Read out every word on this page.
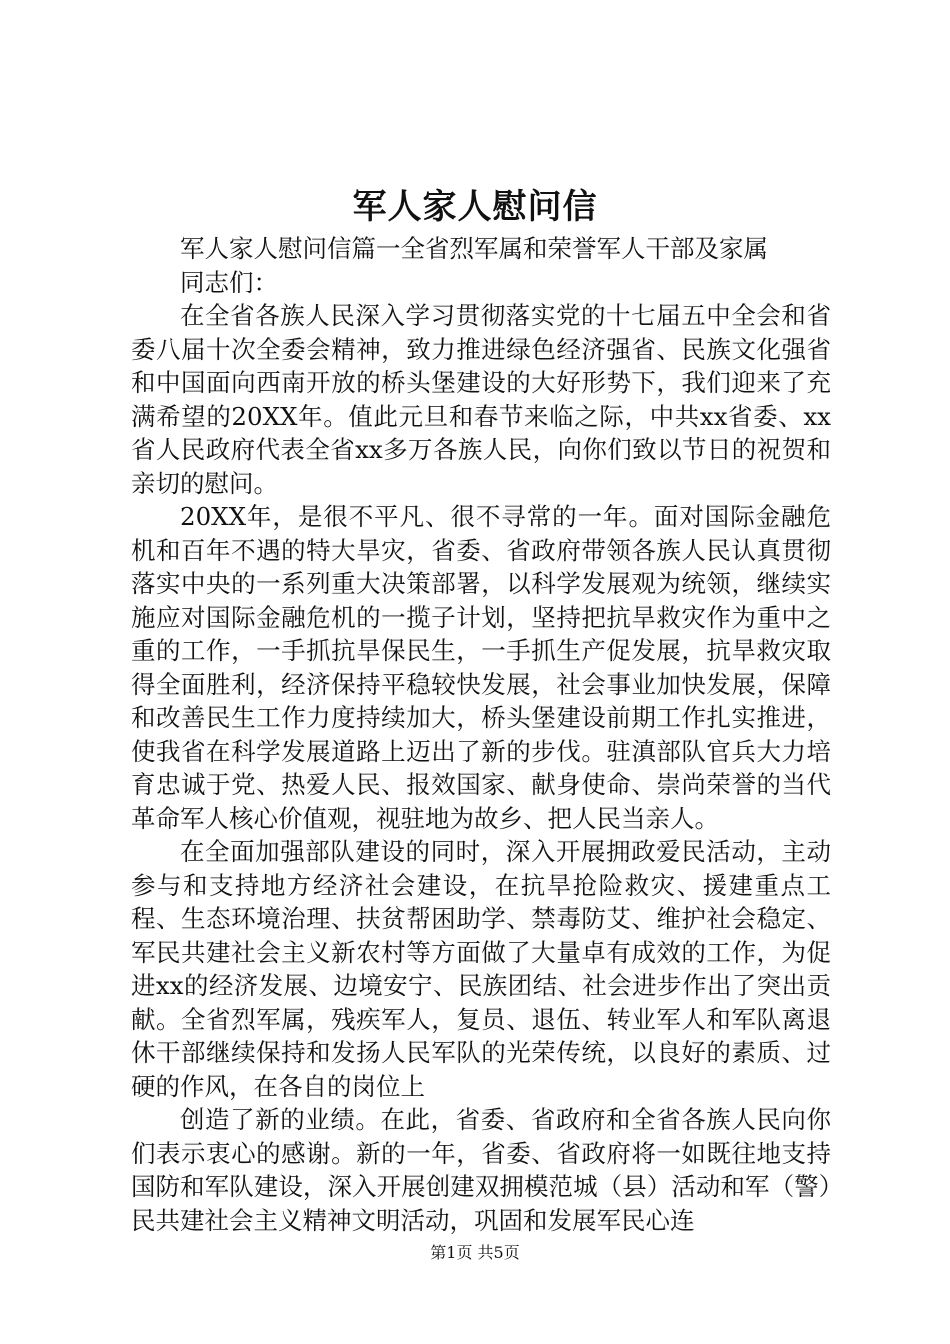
军人家人慰问信

军人家人慰问信篇一全省烈军属和荣誉军人干部及家属

同志们：

在全省各族人民深入学习贯彻落实党的十七届五中全会和省委八届十次全委会精神，致力推进绿色经济强省、民族文化强省和中国面向西南开放的桥头堡建设的大好形势下，我们迎来了充满希望的20XX年。值此元旦和春节来临之际，中共xx省委、xx省人民政府代表全省xx多万各族人民，向你们致以节日的祝贺和亲切的慰问。

20XX年，是很不平凡、很不寻常的一年。面对国际金融危机和百年不遇的特大旱灾，省委、省政府带领各族人民认真贯彻落实中央的一系列重大决策部署，以科学发展观为统领，继续实施应对国际金融危机的一揽子计划，坚持把抗旱救灾作为重中之重的工作，一手抓抗旱保民生，一手抓生产促发展，抗旱救灾取得全面胜利，经济保持平稳较快发展，社会事业加快发展，保障和改善民生工作力度持续加大，桥头堡建设前期工作扎实推进，使我省在科学发展道路上迈出了新的步伐。驻滇部队官兵大力培育忠诚于党、热爱人民、报效国家、献身使命、崇尚荣誉的当代革命军人核心价值观，视驻地为故乡、把人民当亲人。

在全面加强部队建设的同时，深入开展拥政爱民活动，主动参与和支持地方经济社会建设，在抗旱抢险救灾、援建重点工程、生态环境治理、扶贫帮困助学、禁毒防艾、维护社会稳定、军民共建社会主义新农村等方面做了大量卓有成效的工作，为促进xx的经济发展、边境安宁、民族团结、社会进步作出了突出贡献。全省烈军属，残疾军人，复员、退伍、转业军人和军队离退休干部继续保持和发扬人民军队的光荣传统，以良好的素质、过硬的作风，在各自的岗位上

创造了新的业绩。在此，省委、省政府和全省各族人民向你们表示衷心的感谢。新的一年，省委、省政府将一如既往地支持国防和军队建设，深入开展创建双拥模范城（县）活动和军（警）民共建社会主义精神文明活动，巩固和发展军民心连

第1页 共5页
